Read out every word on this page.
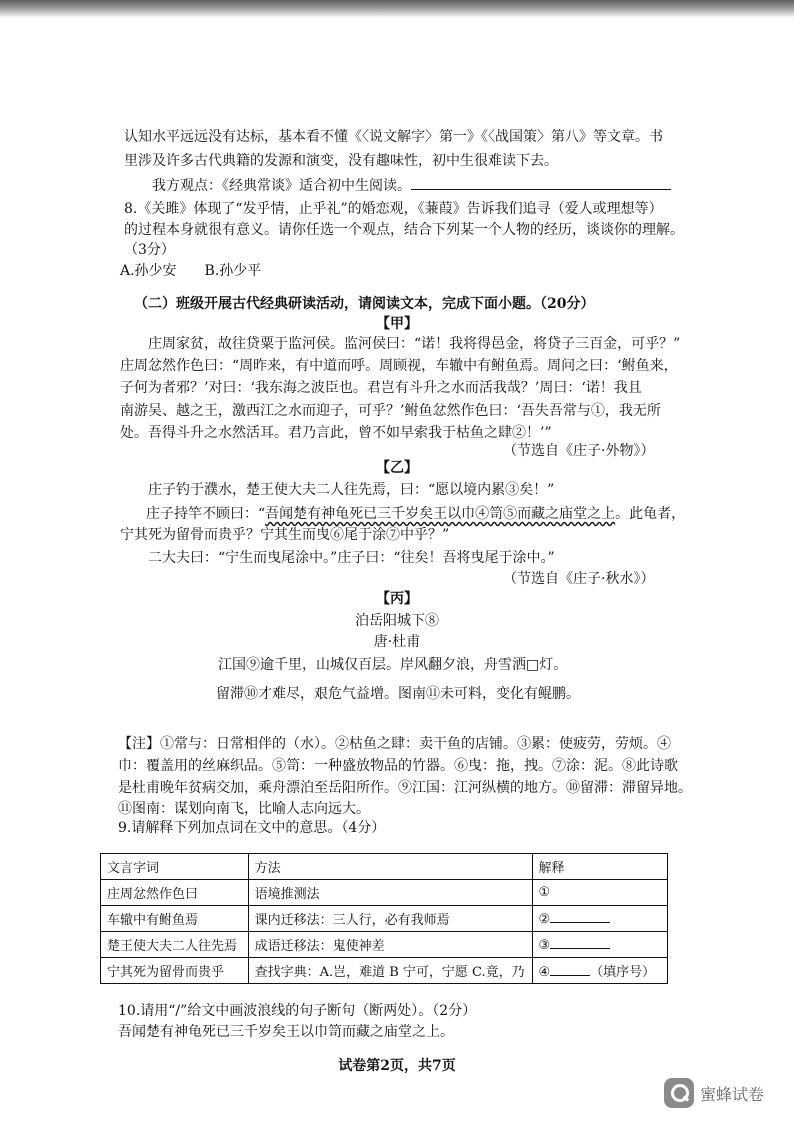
认知水平远远没有达标，基本看不懂《〈说文解字〉第一》《〈战国策〉第八》等文章。书
里涉及许多古代典籍的发源和演变，没有趣味性，初中生很难读下去。
我方观点：《经典常谈》适合初中生阅读。
8.《关雎》体现了“发乎情，止乎礼”的婚恋观，《蒹葭》告诉我们追寻（爱人或理想等）
的过程本身就很有意义。请你任选一个观点，结合下列某一个人物的经历，谈谈你的理解。
（3分）
A.孙少安　　B.孙少平
（二）班级开展古代经典研读活动，请阅读文本，完成下面小题。（20分）
【甲】
庄周家贫，故往贷粟于监河侯。监河侯曰：“诺！我将得邑金，将贷子三百金，可乎？”
庄周忿然作色曰：“周昨来，有中道而呼。周顾视，车辙中有鲋鱼焉。周问之曰：‘鲋鱼来，
子何为者邪？’对曰：‘我东海之波臣也。君岂有斗升之水而活我哉？’周曰：‘诺！我且
南游吴、越之王，激西江之水而迎子，可乎？’鲋鱼忿然作色曰：‘吾失吾常与①，我无所
处。吾得斗升之水然活耳。君乃言此，曾不如早索我于枯鱼之肆②！’”
（节选自《庄子·外物》）
【乙】
庄子钓于濮水，楚王使大夫二人往先焉，曰：“愿以境内累③矣！”
庄子持竿不顾曰：“吾闻楚有神龟死已三千岁矣王以巾④笥⑤而藏之庙堂之上。此龟者，
宁其死为留骨而贵乎？宁其生而曳⑥尾于涂⑦中乎？”
二大夫曰：“宁生而曳尾涂中。”庄子曰：“往矣！吾将曳尾于涂中。”
（节选自《庄子·秋水》）
【丙】
泊岳阳城下⑧
唐·杜甫
江国⑨逾千里，山城仅百层。岸风翻夕浪，舟雪洒□灯。
留滞⑩才难尽，艰危气益增。图南⑪未可料，变化有鲲鹏。
【注】①常与：日常相伴的（水）。②枯鱼之肆：卖干鱼的店铺。③累：使疲劳，劳烦。④
巾：覆盖用的丝麻织品。⑤笥：一种盛放物品的竹器。⑥曳：拖，拽。⑦涂：泥。⑧此诗歌
是杜甫晚年贫病交加，乘舟漂泊至岳阳所作。⑨江国：江河纵横的地方。⑩留滞：滞留异地。
⑪图南：谋划向南飞，比喻人志向远大。
9.请解释下列加点词在文中的意思。（4分）
文言字词	方法	解释
庄周忿然作色曰	语境推测法	①
车辙中有鲋鱼焉	课内迁移法：三人行，必有我师焉	②
楚王使大夫二人往先焉	成语迁移法：鬼使神差	③
宁其死为留骨而贵乎	查找字典：A.岂，难道 B 宁可，宁愿 C.竟，乃	④ （填序号）
10.请用“/”给文中画波浪线的句子断句（断两处）。（2分）
吾闻楚有神龟死已三千岁矣王以巾笥而藏之庙堂之上。
试卷第2页，共7页
蜜蜂试卷
